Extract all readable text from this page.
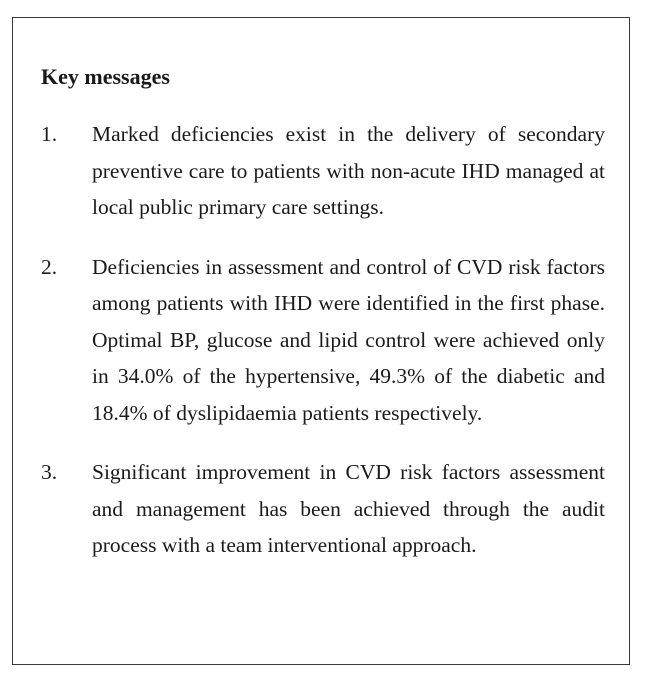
Key messages
1. Marked deficiencies exist in the delivery of secondary preventive care to patients with non-acute IHD managed at local public primary care settings.
2. Deficiencies in assessment and control of CVD risk factors among patients with IHD were identified in the first phase. Optimal BP, glucose and lipid control were achieved only in 34.0% of the hypertensive, 49.3% of the diabetic and 18.4% of dyslipidaemia patients respectively.
3. Significant improvement in CVD risk factors assessment and management has been achieved through the audit process with a team interventional approach.
